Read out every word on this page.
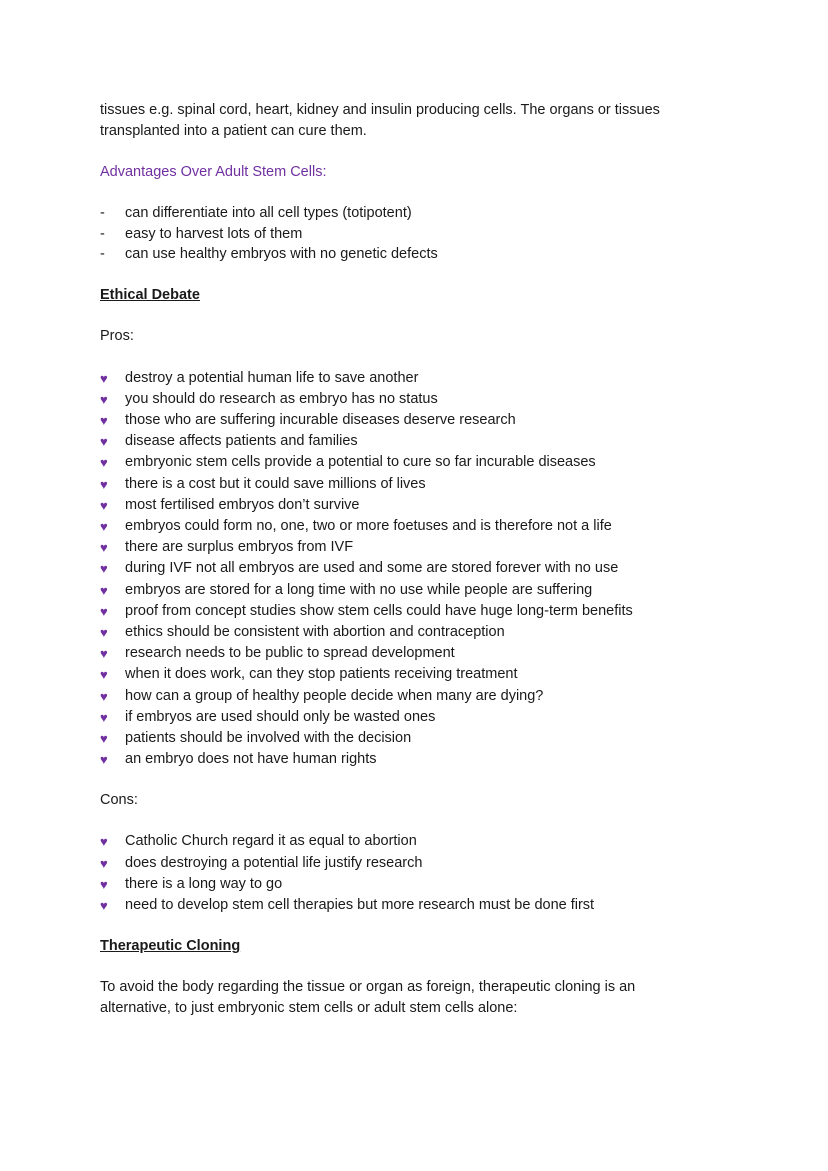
tissues e.g. spinal cord, heart, kidney and insulin producing cells. The organs or tissues
transplanted into a patient can cure them.

Advantages Over Adult Stem Cells:

- can differentiate into all cell types (totipotent)
- easy to harvest lots of them
- can use healthy embryos with no genetic defects
Ethical Debate

Pros:

♥ destroy a potential human life to save another
♥ you should do research as embryo has no status
♥ those who are suffering incurable diseases deserve research
♥ disease affects patients and families
♥ embryonic stem cells provide a potential to cure so far incurable diseases
♥ there is a cost but it could save millions of lives
♥ most fertilised embryos don’t survive
♥ embryos could form no, one, two or more foetuses and is therefore not a life
♥ there are surplus embryos from IVF
♥ during IVF not all embryos are used and some are stored forever with no use
♥ embryos are stored for a long time with no use while people are suffering
♥ proof from concept studies show stem cells could have huge long-term benefits
♥ ethics should be consistent with abortion and contraception
♥ research needs to be public to spread development
♥ when it does work, can they stop patients receiving treatment
♥ how can a group of healthy people decide when many are dying?
♥ if embryos are used should only be wasted ones
♥ patients should be involved with the decision
♥ an embryo does not have human rights

Cons:

♥ Catholic Church regard it as equal to abortion
♥ does destroying a potential life justify research
♥ there is a long way to go
♥ need to develop stem cell therapies but more research must be done first
Therapeutic Cloning

To avoid the body regarding the tissue or organ as foreign, therapeutic cloning is an
alternative, to just embryonic stem cells or adult stem cells alone:
